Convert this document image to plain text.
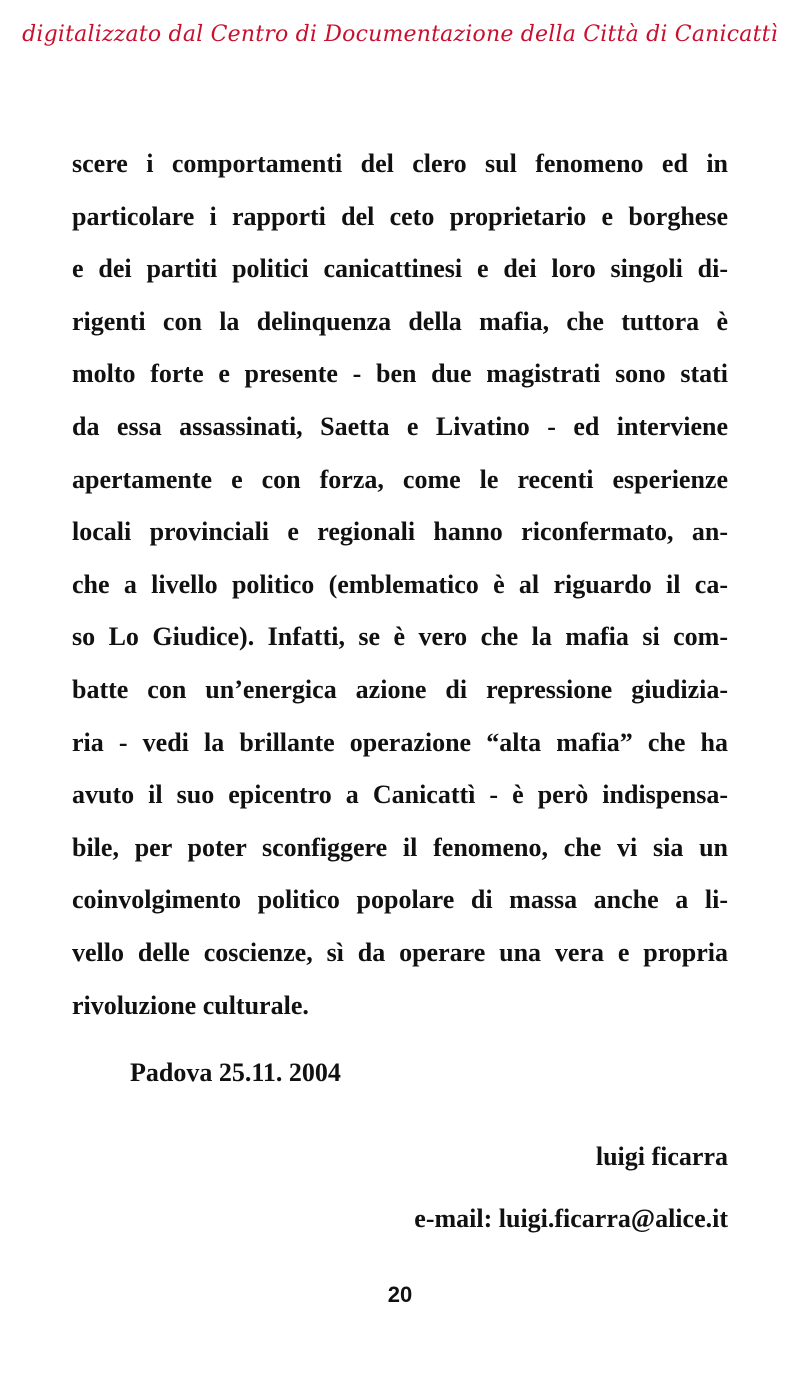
digitalizzato dal Centro di Documentazione della Città di Canicattì
scere i comportamenti del clero sul fenomeno ed in
particolare i rapporti del ceto proprietario e borghese
e dei partiti politici canicattinesi e dei loro singoli di-
rigenti con la delinquenza della mafia, che tuttora è
molto forte e presente - ben due magistrati sono stati
da essa assassinati, Saetta e Livatino - ed interviene
apertamente e con forza, come le recenti esperienze
locali provinciali e regionali hanno riconfermato, an-
che a livello politico (emblematico è al riguardo il ca-
so Lo Giudice). Infatti, se è vero che la mafia si com-
batte con un’energica azione di repressione giudizia-
ria - vedi la brillante operazione “alta mafia” che ha
avuto il suo epicentro a Canicattì - è però indispensa-
bile, per poter sconfiggere il fenomeno, che vi sia un
coinvolgimento politico popolare di massa anche a li-
vello delle coscienze, sì da operare una vera e propria
rivoluzione culturale.
Padova 25.11. 2004
luigi ficarra
e-mail: luigi.ficarra@alice.it
20
